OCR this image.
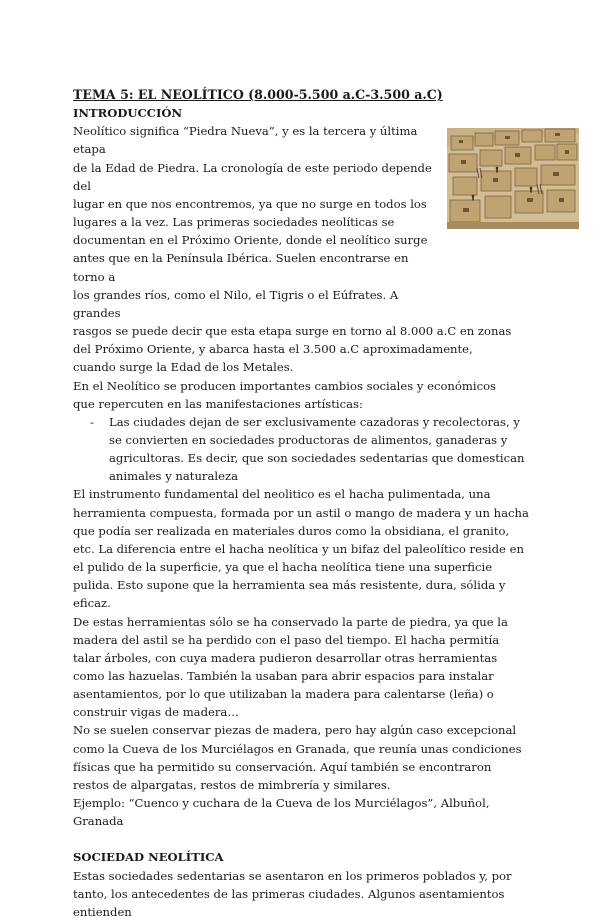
TEMA 5: EL NEOLÍTICO (8.000-5.500 a.C-3.500 a.C)

INTRODUCCIÓN

Neolítico significa “Piedra Nueva”, y es la tercera y última etapa

de la Edad de Piedra. La cronología de este periodo depende del

lugar en que nos encontremos, ya que no surge en todos los

lugares a la vez. Las primeras sociedades neolíticas se

documentan en el Próximo Oriente, donde el neolítico surge

antes que en la Península Ibérica. Suelen encontrarse en torno a

los grandes ríos, como el Nilo, el Tigris o el Eúfrates. A grandes

rasgos se puede decir que esta etapa surge en torno al 8.000 a.C en zonas del Próximo Oriente, y abarca hasta el 3.500 a.C aproximadamente, cuando surge la Edad de los Metales.

En el Neolítico se producen importantes cambios sociales y económicos que repercuten en las manifestaciones artísticas:

- Las ciudades dejan de ser exclusivamente cazadoras y recolectoras, y se convierten en sociedades productoras de alimentos, ganaderas y agricultoras. Es decir, que son sociedades sedentarias que domestican animales y naturaleza

El instrumento fundamental del neolitico es el hacha pulimentada, una herramienta compuesta, formada por un astil o mango de madera y un hacha que podía ser realizada en materiales duros como la obsidiana, el granito, etc. La diferencia entre el hacha neolítica y un bifaz del paleolítico reside en el pulido de la superficie, ya que el hacha neolítica tiene una superficie pulida. Esto supone que la herramienta sea más resistente, dura, sólida y eficaz.

De estas herramientas sólo se ha conservado la parte de piedra, ya que la madera del astil se ha perdido con el paso del tiempo. El hacha permitía talar árboles, con cuya madera pudieron desarrollar otras herramientas como las hazuelas. También la usaban para abrir espacios para instalar asentamientos, por lo que utilizaban la madera para calentarse (leña) o construir vigas de madera…

No se suelen conservar piezas de madera, pero hay algún caso excepcional como la Cueva de los Murciélagos en Granada, que reunía unas condiciones físicas que ha permitido su conservación. Aquí también se encontraron restos de alpargatas, restos de mimbrería y similares.

Ejemplo: “Cuenco y cuchara de la Cueva de los Murciélagos”, Albuñol, Granada

SOCIEDAD NEOLÍTICA

Estas sociedades sedentarias se asentaron en los primeros poblados y, por tanto, los antecedentes de las primeras ciudades. Algunos asentamientos entienden
